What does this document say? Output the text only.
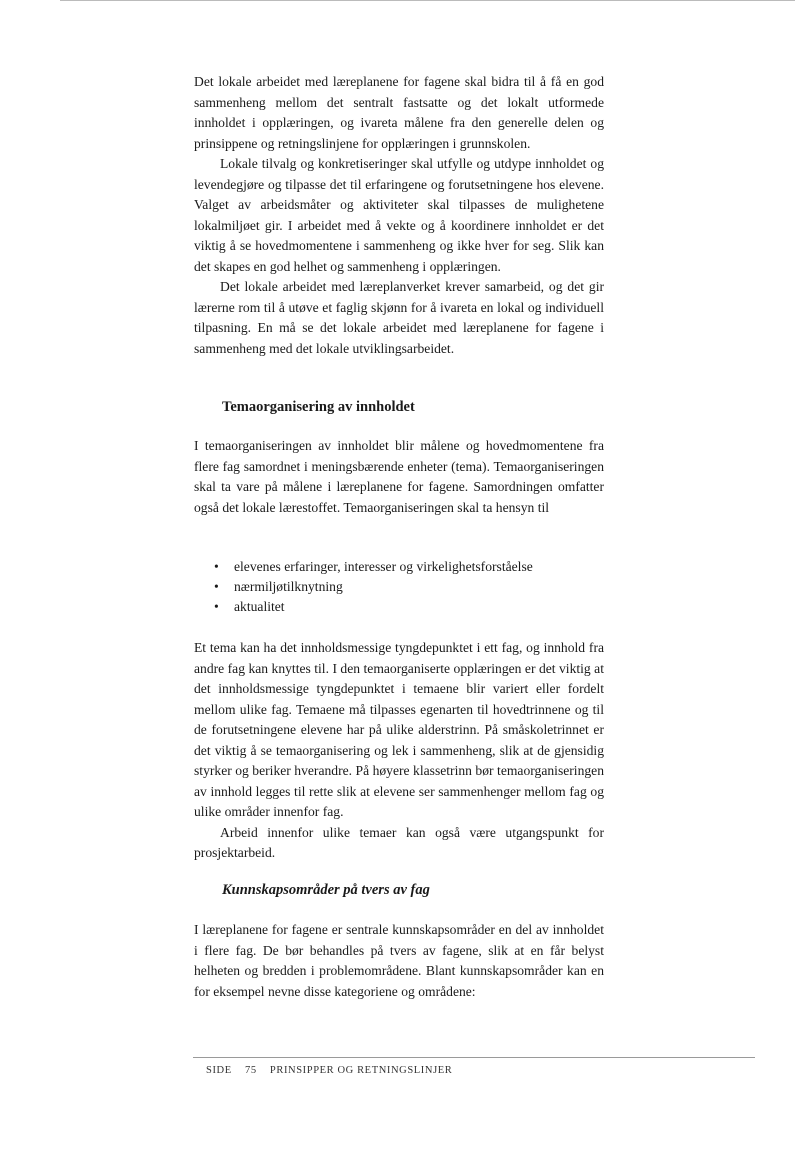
Det lokale arbeidet med læreplanene for fagene skal bidra til å få en god sammenheng mellom det sentralt fastsatte og det lokalt utformede innholdet i opplæringen, og ivareta målene fra den generelle delen og prinsippene og retningslinjene for opplæringen i grunnskolen.

Lokale tilvalg og konkretiseringer skal utfylle og utdype innholdet og levendegjøre og tilpasse det til erfaringene og forutsetningene hos elevene. Valget av arbeidsmåter og aktiviteter skal tilpasses de mulighetene lokalmiljøet gir. I arbeidet med å vekte og å koordinere innholdet er det viktig å se hovedmomentene i sammenheng og ikke hver for seg. Slik kan det skapes en god helhet og sammenheng i opplæringen.

Det lokale arbeidet med læreplanverket krever samarbeid, og det gir lærerne rom til å utøve et faglig skjønn for å ivareta en lokal og individuell tilpasning. En må se det lokale arbeidet med læreplanene for fagene i sammenheng med det lokale utviklingsarbeidet.

Temaorganisering av innholdet

I temaorganiseringen av innholdet blir målene og hovedmomentene fra flere fag samordnet i meningsbærende enheter (tema). Temaorganiseringen skal ta vare på målene i læreplanene for fagene. Samordningen omfatter også det lokale lærestoffet. Temaorganiseringen skal ta hensyn til

• elevenes erfaringer, interesser og virkelighetsforståelse
• nærmiljøtilknytning
• aktualitet

Et tema kan ha det innholdsmessige tyngdepunktet i ett fag, og innhold fra andre fag kan knyttes til. I den temaorganiserte opplæringen er det viktig at det innholdsmessige tyngdepunktet i temaene blir variert eller fordelt mellom ulike fag. Temaene må tilpasses egenarten til hovedtrinnene og til de forutsetningene elevene har på ulike alderstrinn. På småskoletrinnet er det viktig å se temaorganisering og lek i sammenheng, slik at de gjensidig styrker og beriker hverandre. På høyere klassetrinn bør temaorganiseringen av innhold legges til rette slik at elevene ser sammenhenger mellom fag og ulike områder innenfor fag.

Arbeid innenfor ulike temaer kan også være utgangspunkt for prosjektarbeid.

Kunnskapsområder på tvers av fag

I læreplanene for fagene er sentrale kunnskapsområder en del av innholdet i flere fag. De bør behandles på tvers av fagene, slik at en får belyst helheten og bredden i problemområdene. Blant kunnskapsområder kan en for eksempel nevne disse kategoriene og områdene:

SIDE 75 PRINSIPPER OG RETNINGSLINJER
